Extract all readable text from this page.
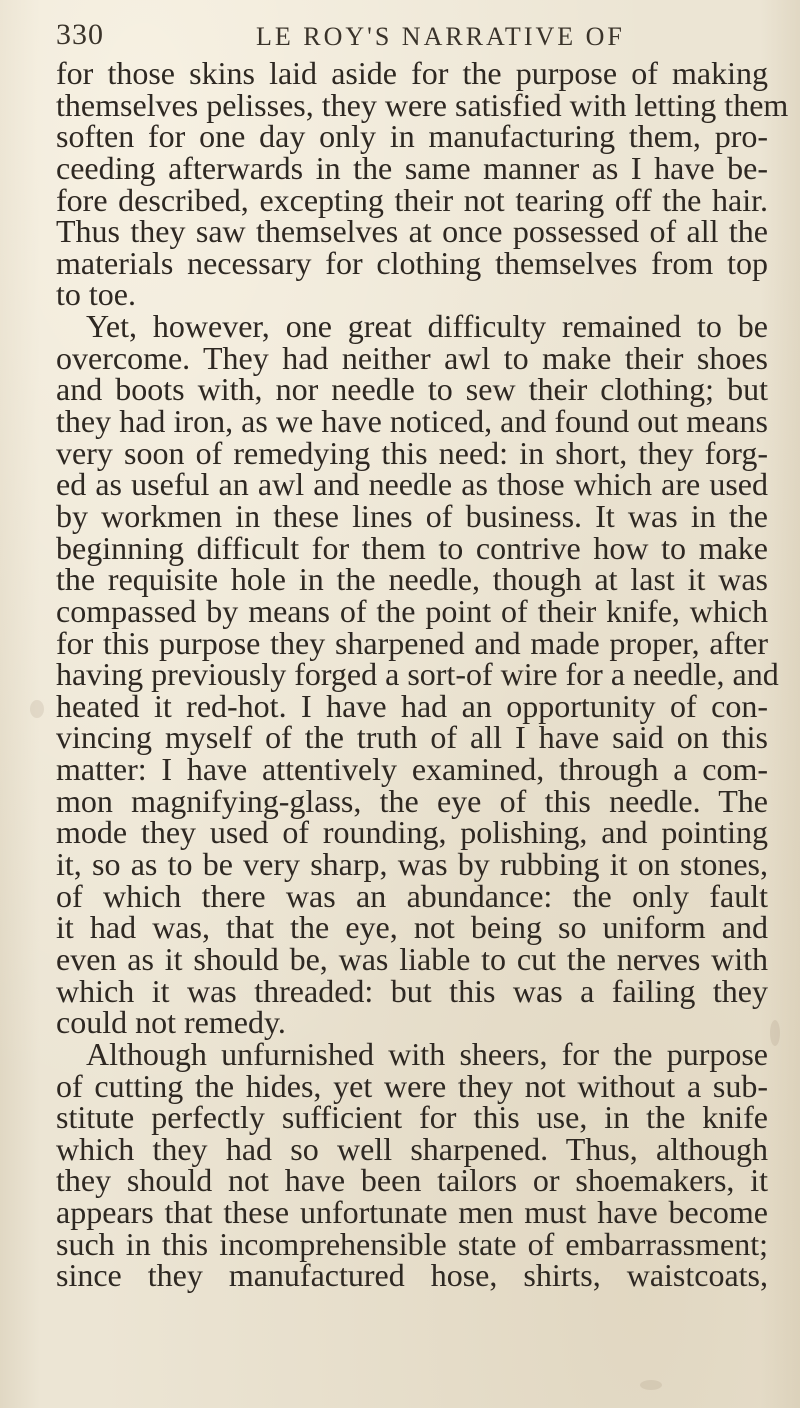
330	LE ROY'S NARRATIVE OF
for those skins laid aside for the purpose of making
themselves pelisses, they were satisfied with letting them
soften for one day only in manufacturing them, pro-
ceeding afterwards in the same manner as I have be-
fore described, excepting their not tearing off the hair.
Thus they saw themselves at once possessed of all the
materials necessary for clothing themselves from top
to toe.
Yet, however, one great difficulty remained to be
overcome. They had neither awl to make their shoes
and boots with, nor needle to sew their clothing; but
they had iron, as we have noticed, and found out means
very soon of remedying this need: in short, they forg-
ed as useful an awl and needle as those which are used
by workmen in these lines of business. It was in the
beginning difficult for them to contrive how to make
the requisite hole in the needle, though at last it was
compassed by means of the point of their knife, which
for this purpose they sharpened and made proper, after
having previously forged a sort-of wire for a needle, and
heated it red-hot. I have had an opportunity of con-
vincing myself of the truth of all I have said on this
matter: I have attentively examined, through a com-
mon magnifying-glass, the eye of this needle. The
mode they used of rounding, polishing, and pointing
it, so as to be very sharp, was by rubbing it on stones,
of which there was an abundance: the only fault
it had was, that the eye, not being so uniform and
even as it should be, was liable to cut the nerves with
which it was threaded: but this was a failing they
could not remedy.
Although unfurnished with sheers, for the purpose
of cutting the hides, yet were they not without a sub-
stitute perfectly sufficient for this use, in the knife
which they had so well sharpened. Thus, although
they should not have been tailors or shoemakers, it
appears that these unfortunate men must have become
such in this incomprehensible state of embarrassment;
since they manufactured hose, shirts, waistcoats,
